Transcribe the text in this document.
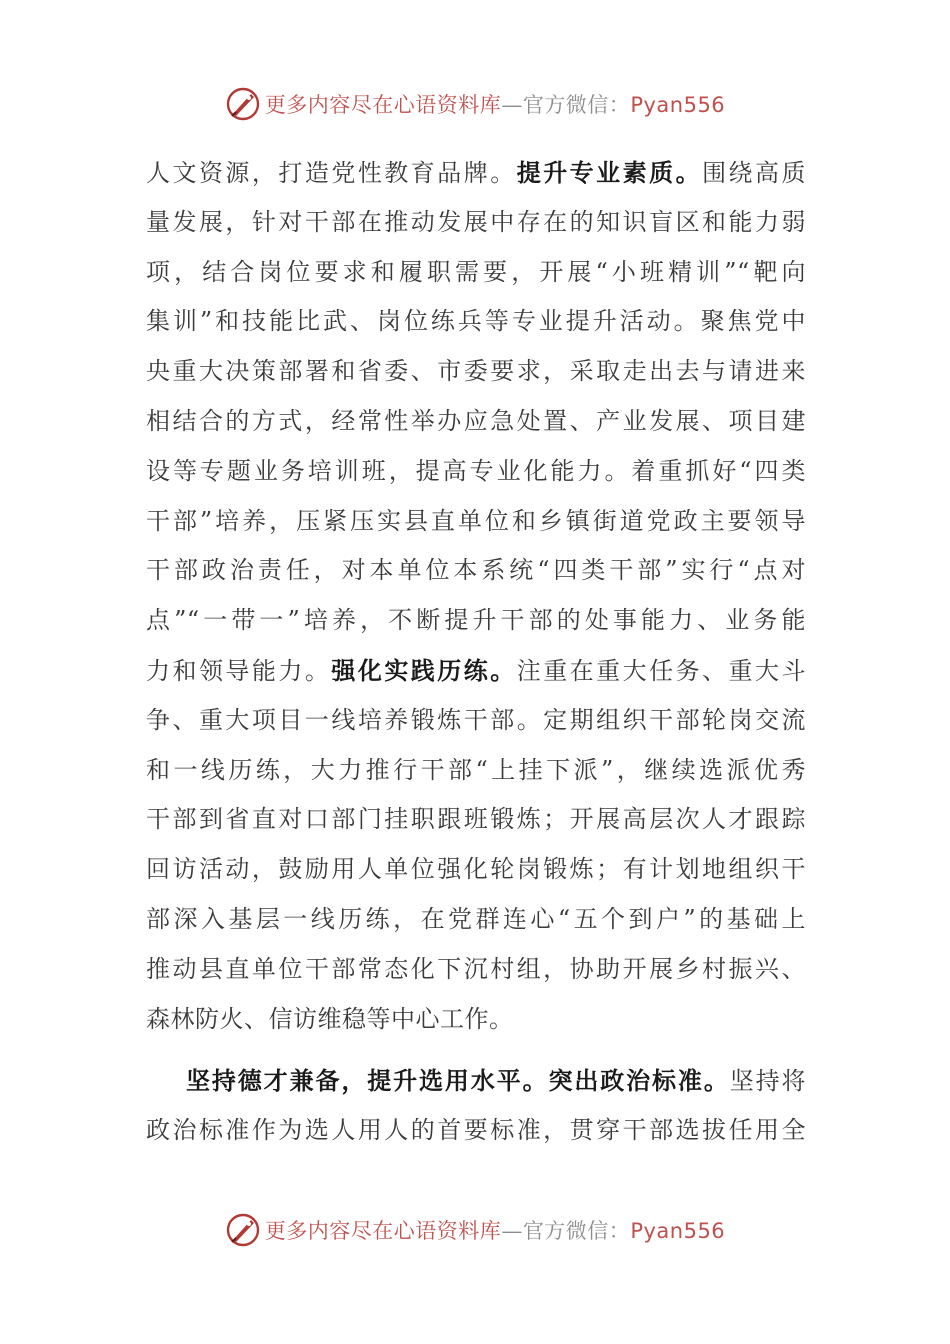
更多内容尽在心语资料库—官方微信：Pyan556
人文资源，打造党性教育品牌。提升专业素质。围绕高质
量发展，针对干部在推动发展中存在的知识盲区和能力弱
项，结合岗位要求和履职需要，开展“小班精训”“靶向
集训”和技能比武、岗位练兵等专业提升活动。聚焦党中
央重大决策部署和省委、市委要求，采取走出去与请进来
相结合的方式，经常性举办应急处置、产业发展、项目建
设等专题业务培训班，提高专业化能力。着重抓好“四类
干部”培养，压紧压实县直单位和乡镇街道党政主要领导
干部政治责任，对本单位本系统“四类干部”实行“点对
点”“一带一”培养，不断提升干部的处事能力、业务能
力和领导能力。强化实践历练。注重在重大任务、重大斗
争、重大项目一线培养锻炼干部。定期组织干部轮岗交流
和一线历练，大力推行干部“上挂下派”，继续选派优秀
干部到省直对口部门挂职跟班锻炼；开展高层次人才跟踪
回访活动，鼓励用人单位强化轮岗锻炼；有计划地组织干
部深入基层一线历练，在党群连心“五个到户”的基础上
推动县直单位干部常态化下沉村组，协助开展乡村振兴、
森林防火、信访维稳等中心工作。
坚持德才兼备，提升选用水平。突出政治标准。坚持将
政治标准作为选人用人的首要标准，贯穿干部选拔任用全
更多内容尽在心语资料库—官方微信：Pyan556
